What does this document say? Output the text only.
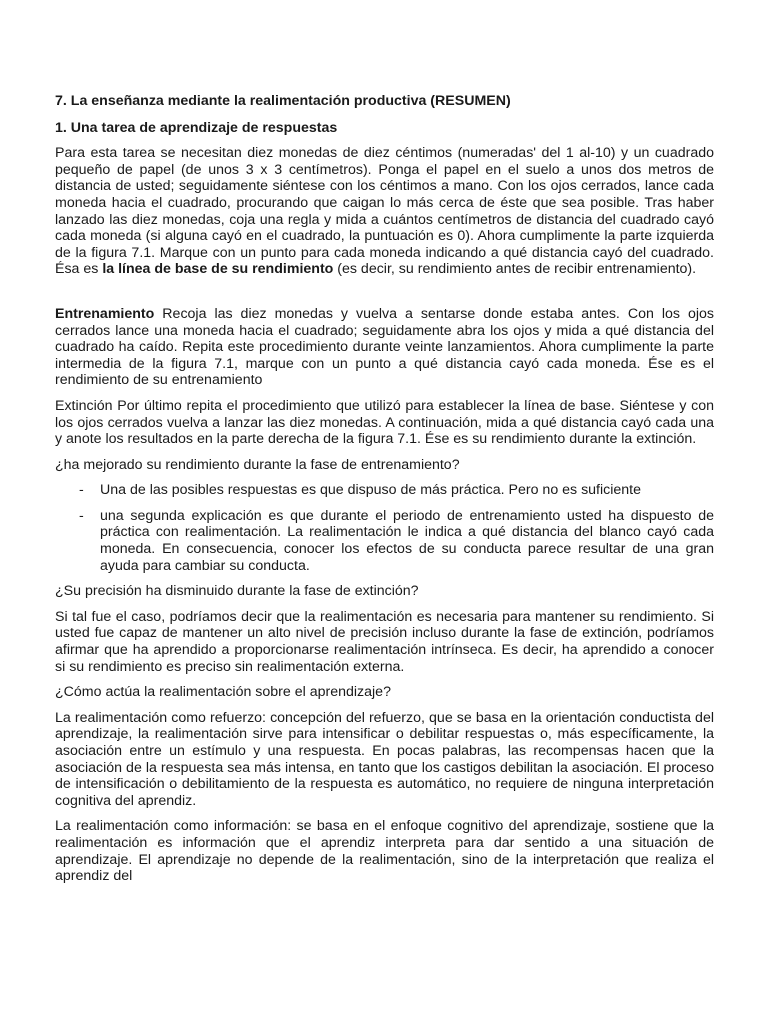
7. La enseñanza mediante la realimentación productiva (RESUMEN)

1. Una tarea de aprendizaje de respuestas

Para esta tarea se necesitan diez monedas de diez céntimos (numeradas' del 1 al-10) y un cuadrado pequeño de papel (de unos 3 x 3 centímetros). Ponga el papel en el suelo a unos dos metros de distancia de usted; seguidamente siéntese con los céntimos a mano. Con los ojos cerrados, lance cada moneda hacia el cuadrado, procurando que caigan lo más cerca de éste que sea posible. Tras haber lanzado las diez monedas, coja una regla y mida a cuántos centímetros de distancia del cuadrado cayó cada moneda (si alguna cayó en el cuadrado, la puntuación es 0). Ahora cumplimente la parte izquierda de la figura 7.1. Marque con un punto para cada moneda indicando a qué distancia cayó del cuadrado. Ésa es la línea de base de su rendimiento (es decir, su rendimiento antes de recibir entrenamiento).

Entrenamiento Recoja las diez monedas y vuelva a sentarse donde estaba antes. Con los ojos cerrados lance una moneda hacia el cuadrado; seguidamente abra los ojos y mida a qué distancia del cuadrado ha caído. Repita este procedimiento durante veinte lanzamientos. Ahora cumplimente la parte intermedia de la figura 7.1, marque con un punto a qué distancia cayó cada moneda. Ése es el rendimiento de su entrenamiento

Extinción Por último repita el procedimiento que utilizó para establecer la línea de base. Siéntese y con los ojos cerrados vuelva a lanzar las diez monedas. A continuación, mida a qué distancia cayó cada una y anote los resultados en la parte derecha de la figura 7.1. Ése es su rendimiento durante la extinción.

¿ha mejorado su rendimiento durante la fase de entrenamiento?

- Una de las posibles respuestas es que dispuso de más práctica. Pero no es suficiente
- una segunda explicación es que durante el periodo de entrenamiento usted ha dispuesto de práctica con realimentación. La realimentación le indica a qué distancia del blanco cayó cada moneda. En consecuencia, conocer los efectos de su conducta parece resultar de una gran ayuda para cambiar su conducta.

¿Su precisión ha disminuido durante la fase de extinción?

Si tal fue el caso, podríamos decir que la realimentación es necesaria para mantener su rendimiento. Si usted fue capaz de mantener un alto nivel de precisión incluso durante la fase de extinción, podríamos afirmar que ha aprendido a proporcionarse realimentación intrínseca. Es decir, ha aprendido a conocer si su rendimiento es preciso sin realimentación externa.

¿Cómo actúa la realimentación sobre el aprendizaje?

La realimentación como refuerzo: concepción del refuerzo, que se basa en la orientación conductista del aprendizaje, la realimentación sirve para intensificar o debilitar respuestas o, más específicamente, la asociación entre un estímulo y una respuesta. En pocas palabras, las recompensas hacen que la asociación de la respuesta sea más intensa, en tanto que los castigos debilitan la asociación. El proceso de intensificación o debilitamiento de la respuesta es automático, no requiere de ninguna interpretación cognitiva del aprendiz.

La realimentación como información: se basa en el enfoque cognitivo del aprendizaje, sostiene que la realimentación es información que el aprendiz interpreta para dar sentido a una situación de aprendizaje. El aprendizaje no depende de la realimentación, sino de la interpretación que realiza el aprendiz del
